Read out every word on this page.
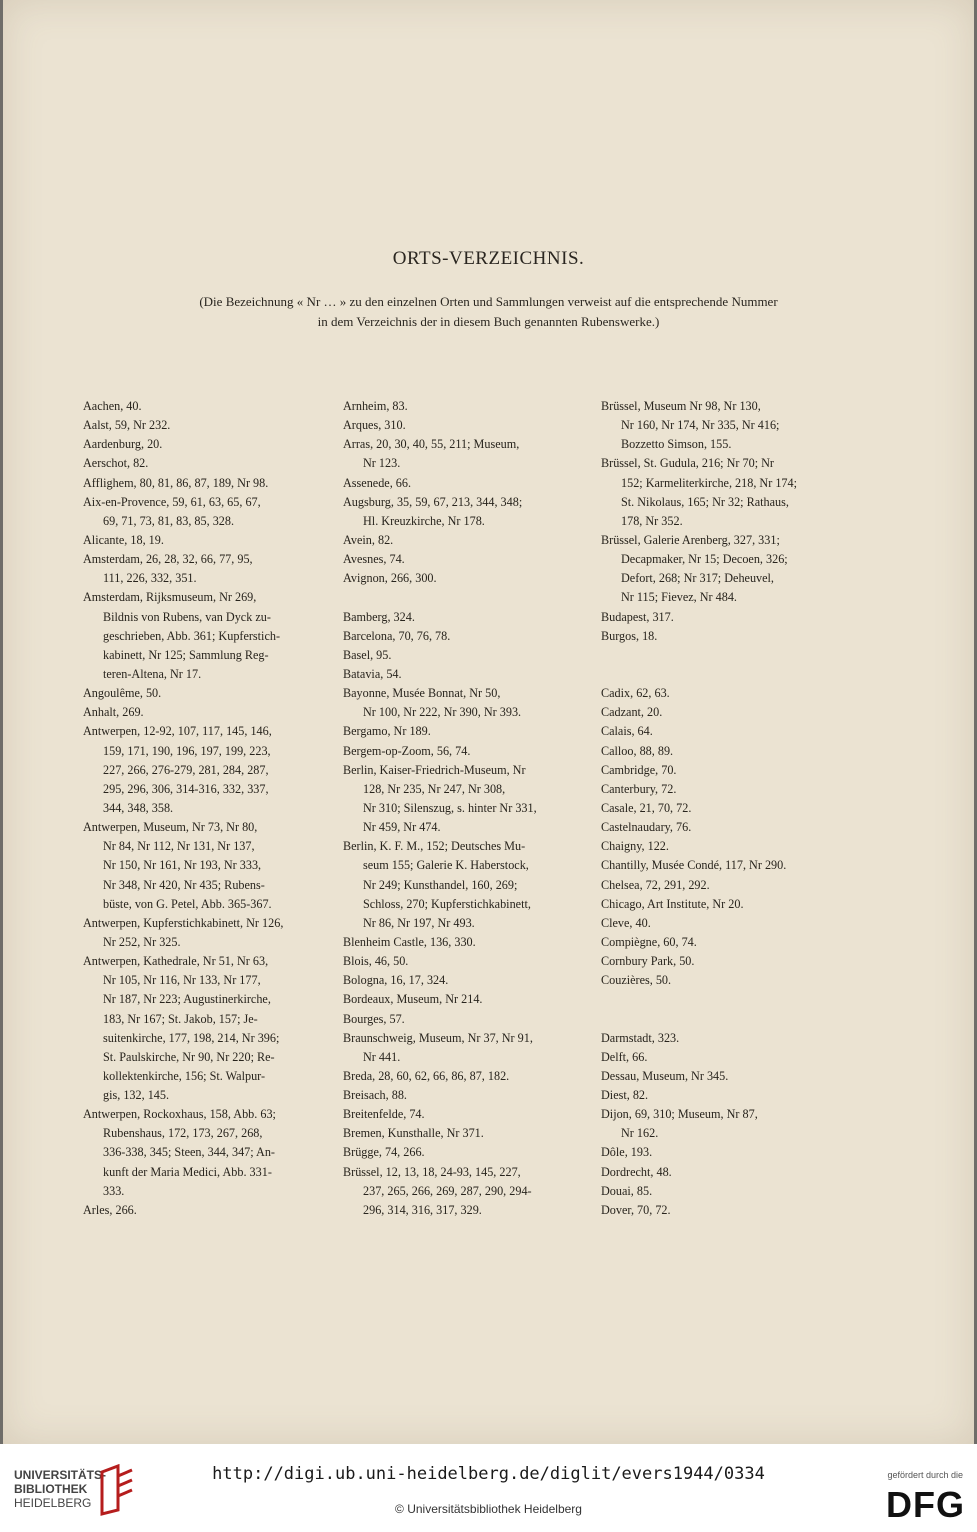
ORTS-VERZEICHNIS.
(Die Bezeichnung « Nr … » zu den einzelnen Orten und Sammlungen verweist auf die entsprechende Nummer
in dem Verzeichnis der in diesem Buch genannten Rubenswerke.)
Aachen, 40.
Aalst, 59, Nr 232.
Aardenburg, 20.
Aerschot, 82.
Afflighem, 80, 81, 86, 87, 189, Nr 98.
Aix-en-Provence, 59, 61, 63, 65, 67,
69, 71, 73, 81, 83, 85, 328.
Alicante, 18, 19.
Amsterdam, 26, 28, 32, 66, 77, 95,
111, 226, 332, 351.
Amsterdam, Rijksmuseum, Nr 269,
Bildnis von Rubens, van Dyck zu-
geschrieben, Abb. 361; Kupferstich-
kabinett, Nr 125; Sammlung Reg-
teren-Altena, Nr 17.
Angoulême, 50.
Anhalt, 269.
Antwerpen, 12-92, 107, 117, 145, 146,
159, 171, 190, 196, 197, 199, 223,
227, 266, 276-279, 281, 284, 287,
295, 296, 306, 314-316, 332, 337,
344, 348, 358.
Antwerpen, Museum, Nr 73, Nr 80,
Nr 84, Nr 112, Nr 131, Nr 137,
Nr 150, Nr 161, Nr 193, Nr 333,
Nr 348, Nr 420, Nr 435; Rubens-
büste, von G. Petel, Abb. 365-367.
Antwerpen, Kupferstichkabinett, Nr 126,
Nr 252, Nr 325.
Antwerpen, Kathedrale, Nr 51, Nr 63,
Nr 105, Nr 116, Nr 133, Nr 177,
Nr 187, Nr 223; Augustinerkirche,
183, Nr 167; St. Jakob, 157; Je-
suitenkirche, 177, 198, 214, Nr 396;
St. Paulskirche, Nr 90, Nr 220; Re-
kollektenkirche, 156; St. Walpur-
gis, 132, 145.
Antwerpen, Rockoxhaus, 158, Abb. 63;
Rubenshaus, 172, 173, 267, 268,
336-338, 345; Steen, 344, 347; An-
kunft der Maria Medici, Abb. 331-
333.
Arles, 266.
Arnheim, 83.
Arques, 310.
Arras, 20, 30, 40, 55, 211; Museum,
Nr 123.
Assenede, 66.
Augsburg, 35, 59, 67, 213, 344, 348;
Hl. Kreuzkirche, Nr 178.
Avein, 82.
Avesnes, 74.
Avignon, 266, 300.
Bamberg, 324.
Barcelona, 70, 76, 78.
Basel, 95.
Batavia, 54.
Bayonne, Musée Bonnat, Nr 50,
Nr 100, Nr 222, Nr 390, Nr 393.
Bergamo, Nr 189.
Bergem-op-Zoom, 56, 74.
Berlin, Kaiser-Friedrich-Museum, Nr
128, Nr 235, Nr 247, Nr 308,
Nr 310; Silenszug, s. hinter Nr 331,
Nr 459, Nr 474.
Berlin, K. F. M., 152; Deutsches Mu-
seum 155; Galerie K. Haberstock,
Nr 249; Kunsthandel, 160, 269;
Schloss, 270; Kupferstichkabinett,
Nr 86, Nr 197, Nr 493.
Blenheim Castle, 136, 330.
Blois, 46, 50.
Bologna, 16, 17, 324.
Bordeaux, Museum, Nr 214.
Bourges, 57.
Braunschweig, Museum, Nr 37, Nr 91,
Nr 441.
Breda, 28, 60, 62, 66, 86, 87, 182.
Breisach, 88.
Breitenfelde, 74.
Bremen, Kunsthalle, Nr 371.
Brügge, 74, 266.
Brüssel, 12, 13, 18, 24-93, 145, 227,
237, 265, 266, 269, 287, 290, 294-
296, 314, 316, 317, 329.
Brüssel, Museum Nr 98, Nr 130,
Nr 160, Nr 174, Nr 335, Nr 416;
Bozzetto Simson, 155.
Brüssel, St. Gudula, 216; Nr 70; Nr
152; Karmeliterkirche, 218, Nr 174;
St. Nikolaus, 165; Nr 32; Rathaus,
178, Nr 352.
Brüssel, Galerie Arenberg, 327, 331;
Decapmaker, Nr 15; Decoen, 326;
Defort, 268; Nr 317; Deheuvel,
Nr 115; Fievez, Nr 484.
Budapest, 317.
Burgos, 18.
Cadix, 62, 63.
Cadzant, 20.
Calais, 64.
Calloo, 88, 89.
Cambridge, 70.
Canterbury, 72.
Casale, 21, 70, 72.
Castelnaudary, 76.
Chaigny, 122.
Chantilly, Musée Condé, 117, Nr 290.
Chelsea, 72, 291, 292.
Chicago, Art Institute, Nr 20.
Cleve, 40.
Compiègne, 60, 74.
Cornbury Park, 50.
Couzières, 50.
Darmstadt, 323.
Delft, 66.
Dessau, Museum, Nr 345.
Diest, 82.
Dijon, 69, 310; Museum, Nr 87,
Nr 162.
Dôle, 193.
Dordrecht, 48.
Douai, 85.
Dover, 70, 72.
UNIVERSITÄTS-
BIBLIOTHEK
HEIDELBERG
http://digi.ub.uni-heidelberg.de/diglit/evers1944/0334
© Universitätsbibliothek Heidelberg
gefördert durch die
DFG
